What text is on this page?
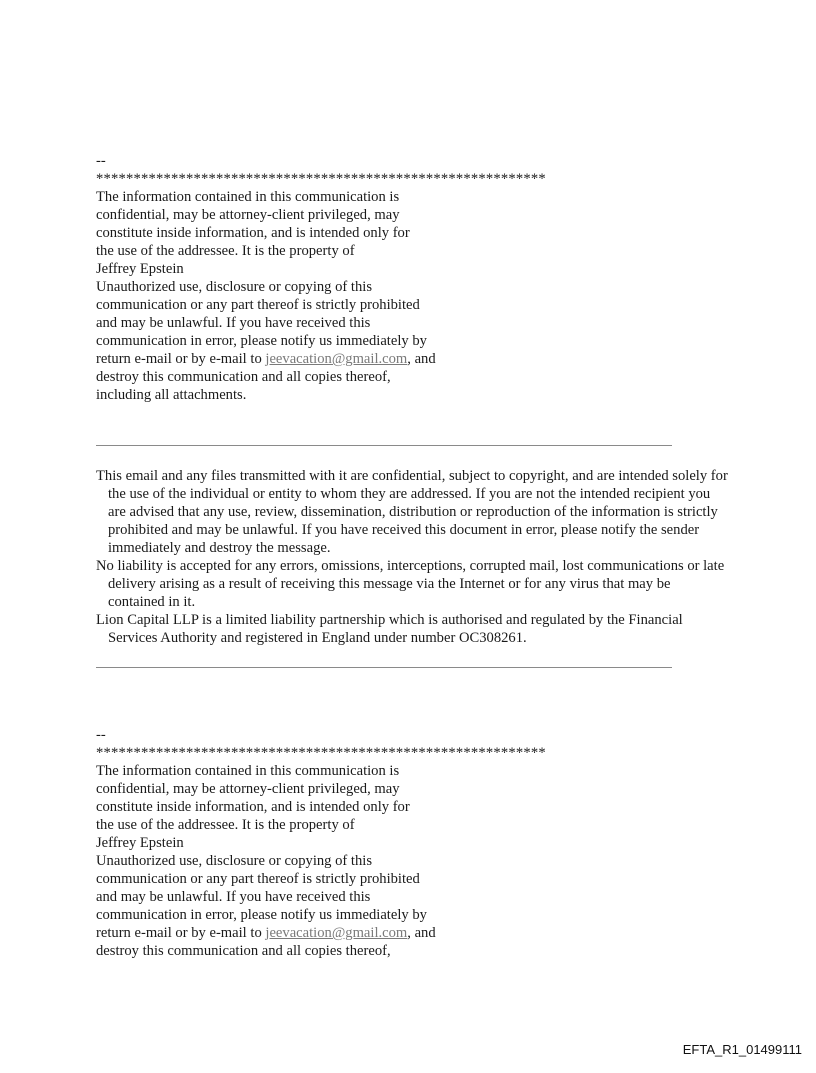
--
************************************************************
The information contained in this communication is
confidential, may be attorney-client privileged, may
constitute inside information, and is intended only for
the use of the addressee. It is the property of
Jeffrey Epstein
Unauthorized use, disclosure or copying of this
communication or any part thereof is strictly prohibited
and may be unlawful. If you have received this
communication in error, please notify us immediately by
return e-mail or by e-mail to jeevacation@gmail.com, and
destroy this communication and all copies thereof,
including all attachments.

This email and any files transmitted with it are confidential, subject to copyright, and are intended solely for the use of the individual or entity to whom they are addressed. If you are not the intended recipient you are advised that any use, review, dissemination, distribution or reproduction of the information is strictly prohibited and may be unlawful. If you have received this document in error, please notify the sender immediately and destroy the message.

No liability is accepted for any errors, omissions, interceptions, corrupted mail, lost communications or late delivery arising as a result of receiving this message via the Internet or for any virus that may be contained in it.

Lion Capital LLP is a limited liability partnership which is authorised and regulated by the Financial Services Authority and registered in England under number OC308261.

--
************************************************************
The information contained in this communication is
confidential, may be attorney-client privileged, may
constitute inside information, and is intended only for
the use of the addressee. It is the property of
Jeffrey Epstein
Unauthorized use, disclosure or copying of this
communication or any part thereof is strictly prohibited
and may be unlawful. If you have received this
communication in error, please notify us immediately by
return e-mail or by e-mail to jeevacation@gmail.com, and
destroy this communication and all copies thereof,
EFTA_R1_01499111
